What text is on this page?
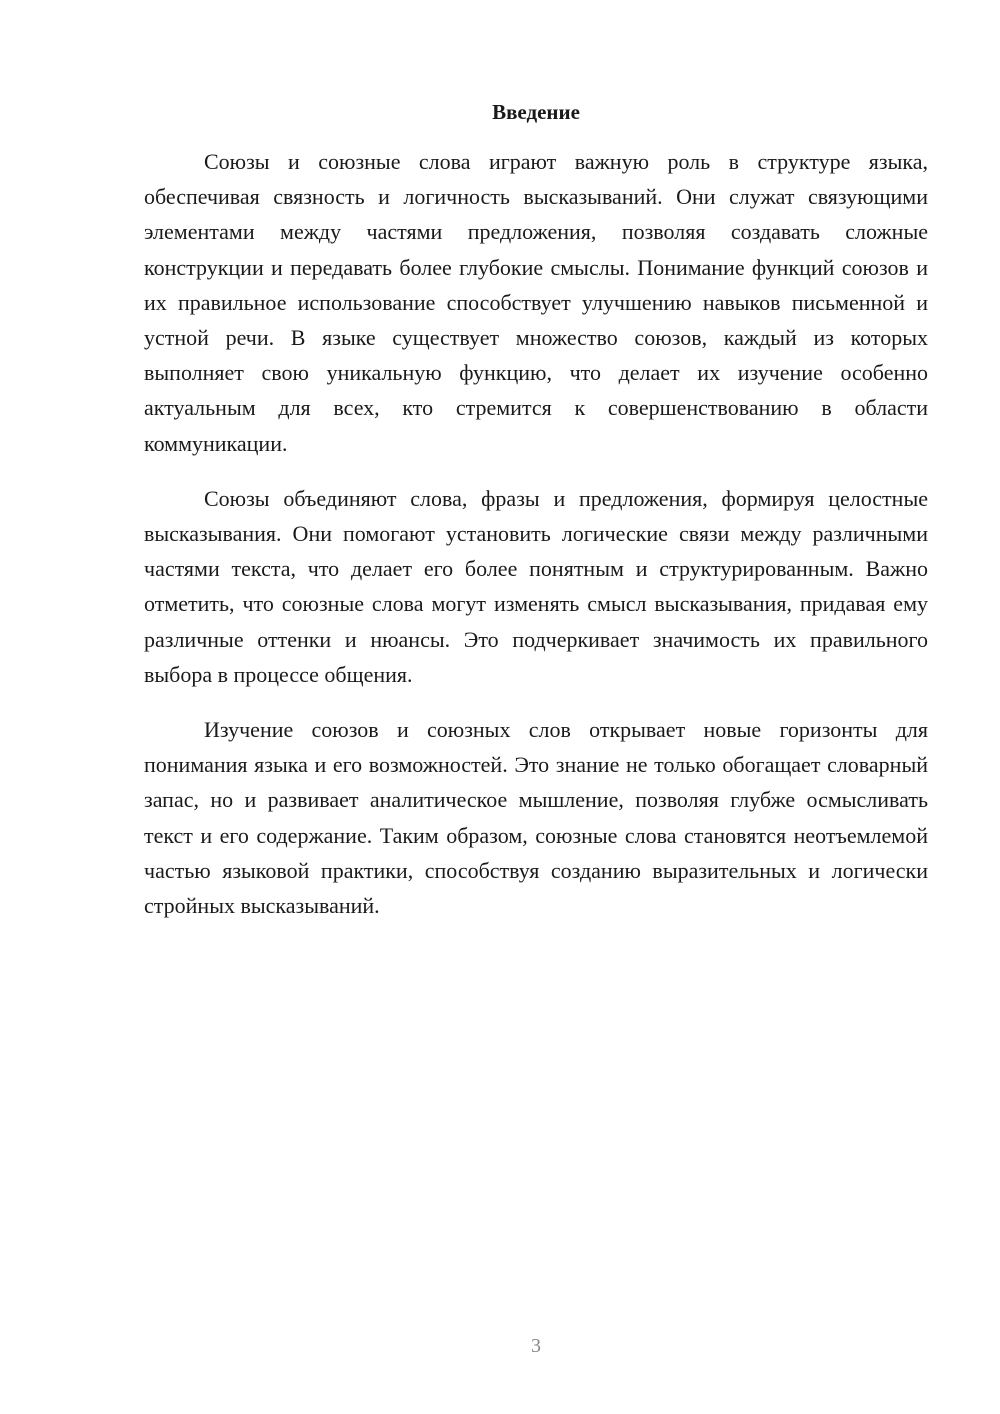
Введение

Союзы и союзные слова играют важную роль в структуре языка, обеспечивая связность и логичность высказываний. Они служат связующими элементами между частями предложения, позволяя создавать сложные конструкции и передавать более глубокие смыслы. Понимание функций союзов и их правильное использование способствует улучшению навыков письменной и устной речи. В языке существует множество союзов, каждый из которых выполняет свою уникальную функцию, что делает их изучение особенно актуальным для всех, кто стремится к совершенствованию в области коммуникации.

Союзы объединяют слова, фразы и предложения, формируя целостные высказывания. Они помогают установить логические связи между различными частями текста, что делает его более понятным и структурированным. Важно отметить, что союзные слова могут изменять смысл высказывания, придавая ему различные оттенки и нюансы. Это подчеркивает значимость их правильного выбора в процессе общения.

Изучение союзов и союзных слов открывает новые горизонты для понимания языка и его возможностей. Это знание не только обогащает словарный запас, но и развивает аналитическое мышление, позволяя глубже осмысливать текст и его содержание. Таким образом, союзные слова становятся неотъемлемой частью языковой практики, способствуя созданию выразительных и логически стройных высказываний.

3
